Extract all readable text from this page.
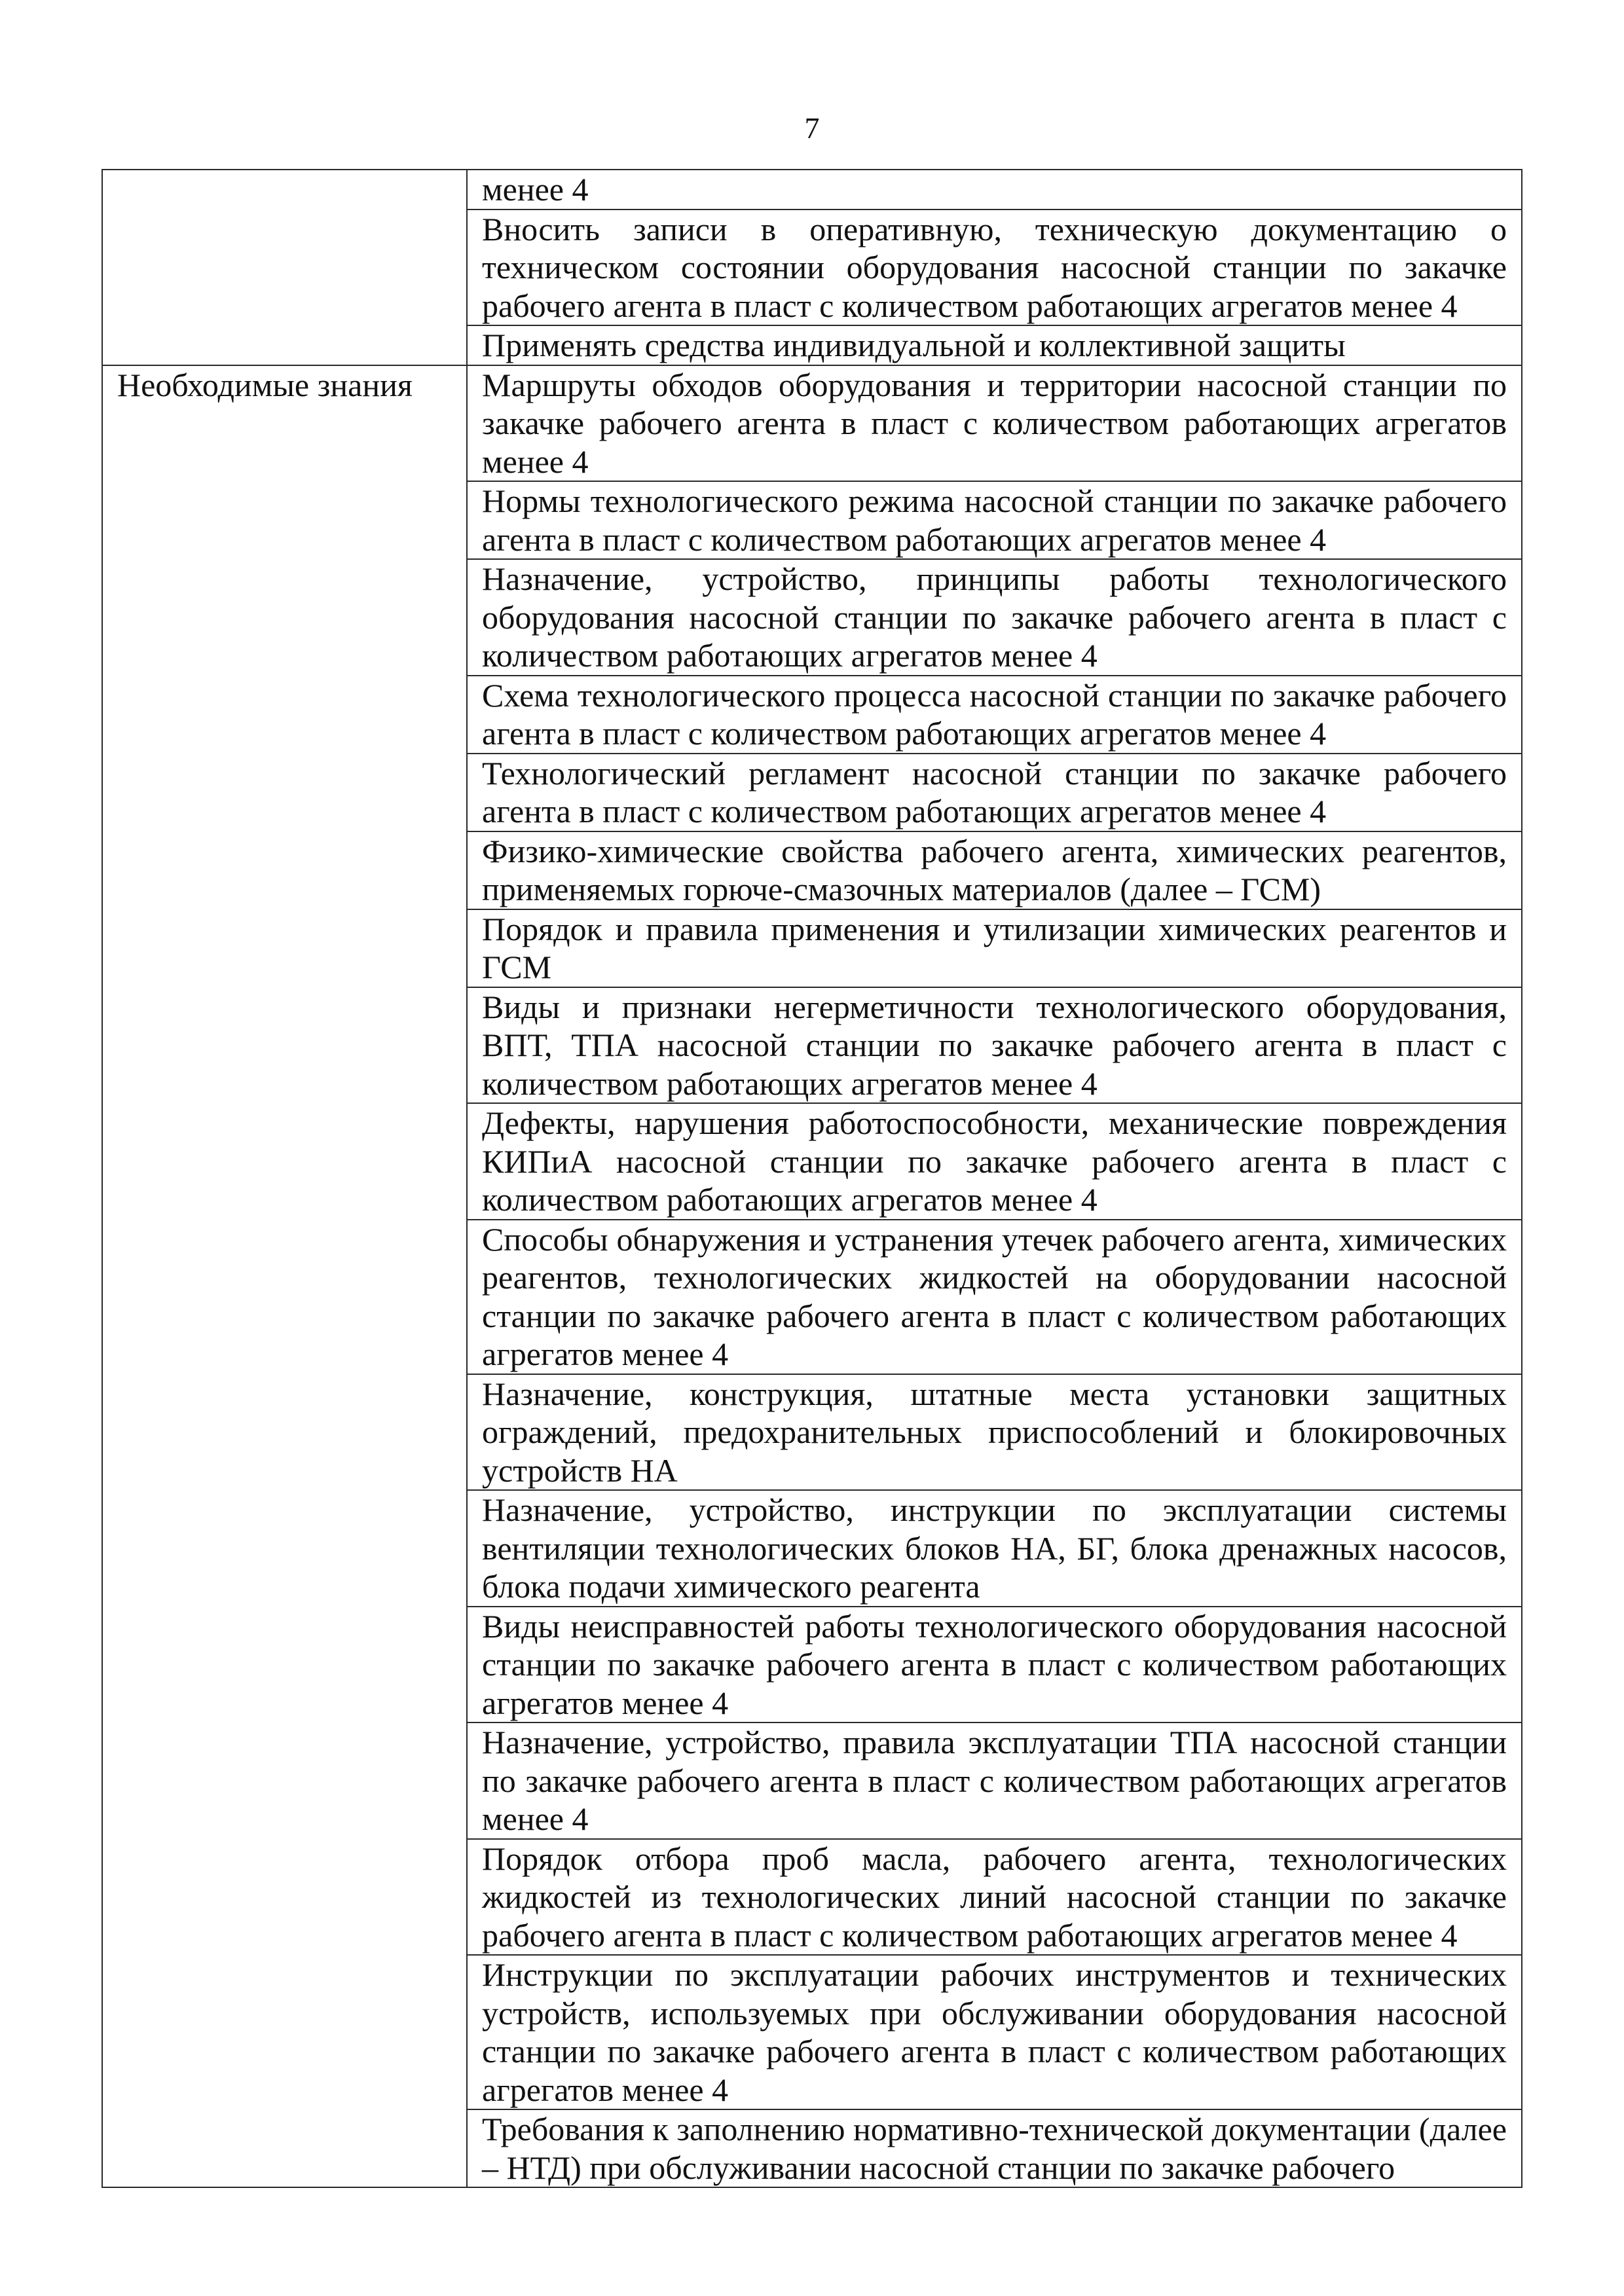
7
	менее 4
	Вносить записи в оперативную, техническую документацию о техническом состоянии оборудования насосной станции по закачке рабочего агента в пласт с количеством работающих агрегатов менее 4
	Применять средства индивидуальной и коллективной защиты
Необходимые знания	Маршруты обходов оборудования и территории насосной станции по закачке рабочего агента в пласт с количеством работающих агрегатов менее 4
	Нормы технологического режима насосной станции по закачке рабочего агента в пласт с количеством работающих агрегатов менее 4
	Назначение, устройство, принципы работы технологического оборудования насосной станции по закачке рабочего агента в пласт с количеством работающих агрегатов менее 4
	Схема технологического процесса насосной станции по закачке рабочего агента в пласт с количеством работающих агрегатов менее 4
	Технологический регламент насосной станции по закачке рабочего агента в пласт с количеством работающих агрегатов менее 4
	Физико-химические свойства рабочего агента, химических реагентов, применяемых горюче-смазочных материалов (далее – ГСМ)
	Порядок и правила применения и утилизации химических реагентов и ГСМ
	Виды и признаки негерметичности технологического оборудования, ВПТ, ТПА насосной станции по закачке рабочего агента в пласт с количеством работающих агрегатов менее 4
	Дефекты, нарушения работоспособности, механические повреждения КИПиА насосной станции по закачке рабочего агента в пласт с количеством работающих агрегатов менее 4
	Способы обнаружения и устранения утечек рабочего агента, химических реагентов, технологических жидкостей на оборудовании насосной станции по закачке рабочего агента в пласт с количеством работающих агрегатов менее 4
	Назначение, конструкция, штатные места установки защитных ограждений, предохранительных приспособлений и блокировочных устройств НА
	Назначение, устройство, инструкции по эксплуатации системы вентиляции технологических блоков НА, БГ, блока дренажных насосов, блока подачи химического реагента
	Виды неисправностей работы технологического оборудования насосной станции по закачке рабочего агента в пласт с количеством работающих агрегатов менее 4
	Назначение, устройство, правила эксплуатации ТПА насосной станции по закачке рабочего агента в пласт с количеством работающих агрегатов менее 4
	Порядок отбора проб масла, рабочего агента, технологических жидкостей из технологических линий насосной станции по закачке рабочего агента в пласт с количеством работающих агрегатов менее 4
	Инструкции по эксплуатации рабочих инструментов и технических устройств, используемых при обслуживании оборудования насосной станции по закачке рабочего агента в пласт с количеством работающих агрегатов менее 4
	Требования к заполнению нормативно-технической документации (далее – НТД) при обслуживании насосной станции по закачке рабочего
